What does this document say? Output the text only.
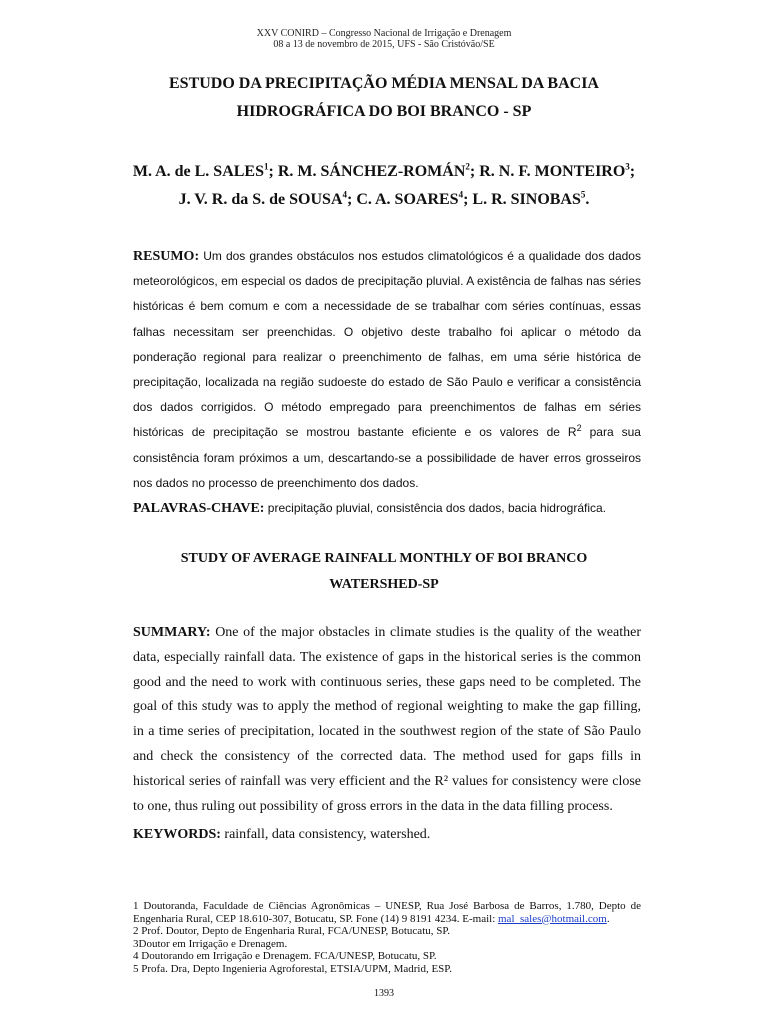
XXV CONIRD – Congresso Nacional de Irrigação e Drenagem
08 a 13 de novembro de 2015, UFS - São Cristóvão/SE
ESTUDO DA PRECIPITAÇÃO MÉDIA MENSAL DA BACIA
HIDROGRÁFICA DO BOI BRANCO - SP
M. A. de L. SALES$^1$; R. M. SÁNCHEZ-ROMÁN$^2$; R. N. F. MONTEIRO$^3$;
J. V. R. da S. de SOUSA$^4$; C. A. SOARES$^4$; L. R. SINOBAS$^5$.
RESUMO: Um dos grandes obstáculos nos estudos climatológicos é a qualidade dos dados meteorológicos, em especial os dados de precipitação pluvial. A existência de falhas nas séries históricas é bem comum e com a necessidade de se trabalhar com séries contínuas, essas falhas necessitam ser preenchidas. O objetivo deste trabalho foi aplicar o método da ponderação regional para realizar o preenchimento de falhas, em uma série histórica de precipitação, localizada na região sudoeste do estado de São Paulo e verificar a consistência dos dados corrigidos. O método empregado para preenchimentos de falhas em séries históricas de precipitação se mostrou bastante eficiente e os valores de $R^2$ para sua consistência foram próximos a um, descartando-se a possibilidade de haver erros grosseiros nos dados no processo de preenchimento dos dados.
PALAVRAS-CHAVE: precipitação pluvial, consistência dos dados, bacia hidrográfica.
STUDY OF AVERAGE RAINFALL MONTHLY OF BOI BRANCO
WATERSHED-SP
SUMMARY: One of the major obstacles in climate studies is the quality of the weather data, especially rainfall data. The existence of gaps in the historical series is the common good and the need to work with continuous series, these gaps need to be completed. The goal of this study was to apply the method of regional weighting to make the gap filling, in a time series of precipitation, located in the southwest region of the state of São Paulo and check the consistency of the corrected data. The method used for gaps fills in historical series of rainfall was very efficient and the R² values for consistency were close to one, thus ruling out possibility of gross errors in the data in the data filling process.
KEYWORDS: rainfall, data consistency, watershed.
1 Doutoranda, Faculdade de Ciências Agronômicas – UNESP, Rua José Barbosa de Barros, 1.780, Depto de Engenharia Rural, CEP 18.610-307, Botucatu, SP. Fone (14) 9 8191 4234. E-mail: mal_sales@hotmail.com.
2 Prof. Doutor, Depto de Engenharia Rural, FCA/UNESP, Botucatu, SP.
3Doutor em Irrigação e Drenagem.
4 Doutorando em Irrigação e Drenagem. FCA/UNESP, Botucatu, SP.
5 Profa. Dra, Depto Ingenieria Agroforestal, ETSIA/UPM, Madrid, ESP.
1393
